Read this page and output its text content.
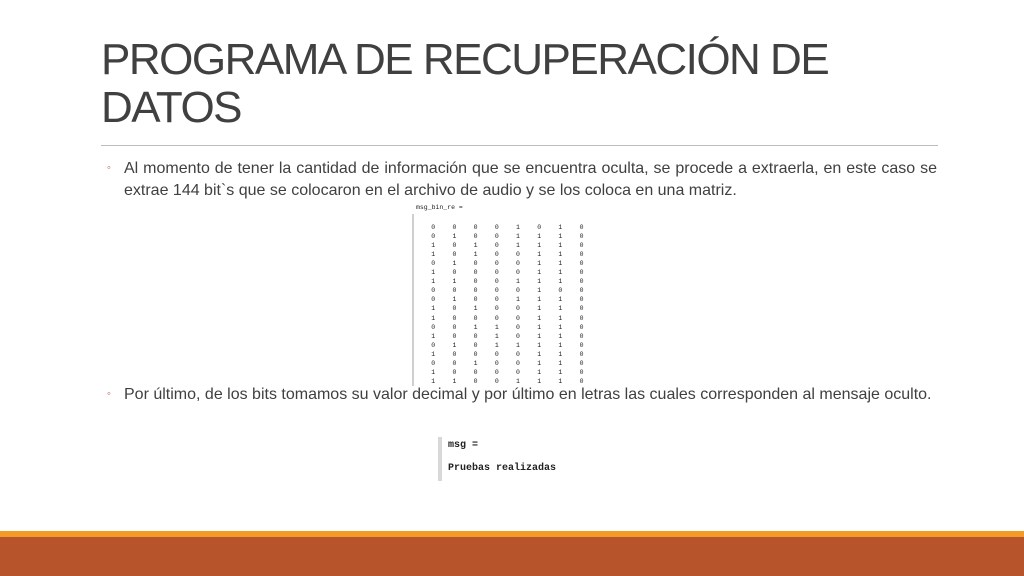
PROGRAMA DE RECUPERACIÓN DE DATOS
◦ Al momento de tener la cantidad de información que se encuentra oculta, se procede a extraerla, en este caso se extrae 144 bit`s que se colocaron en el archivo de audio y se los coloca en una matriz.
msg_bin_re =
0	0	0	0	1	0	1	0
0	1	0	0	1	1	1	0
1	0	1	0	1	1	1	0
1	0	1	0	0	1	1	0
0	1	0	0	0	1	1	0
1	0	0	0	0	1	1	0
1	1	0	0	1	1	1	0
0	0	0	0	0	1	0	0
0	1	0	0	1	1	1	0
1	0	1	0	0	1	1	0
1	0	0	0	0	1	1	0
0	0	1	1	0	1	1	0
1	0	0	1	0	1	1	0
0	1	0	1	1	1	1	0
1	0	0	0	0	1	1	0
0	0	1	0	0	1	1	0
1	0	0	0	0	1	1	0
1	1	0	0	1	1	1	0
◦ Por último, de los bits tomamos su valor decimal y por último en letras las cuales corresponden al mensaje oculto.
msg =
Pruebas realizadas
